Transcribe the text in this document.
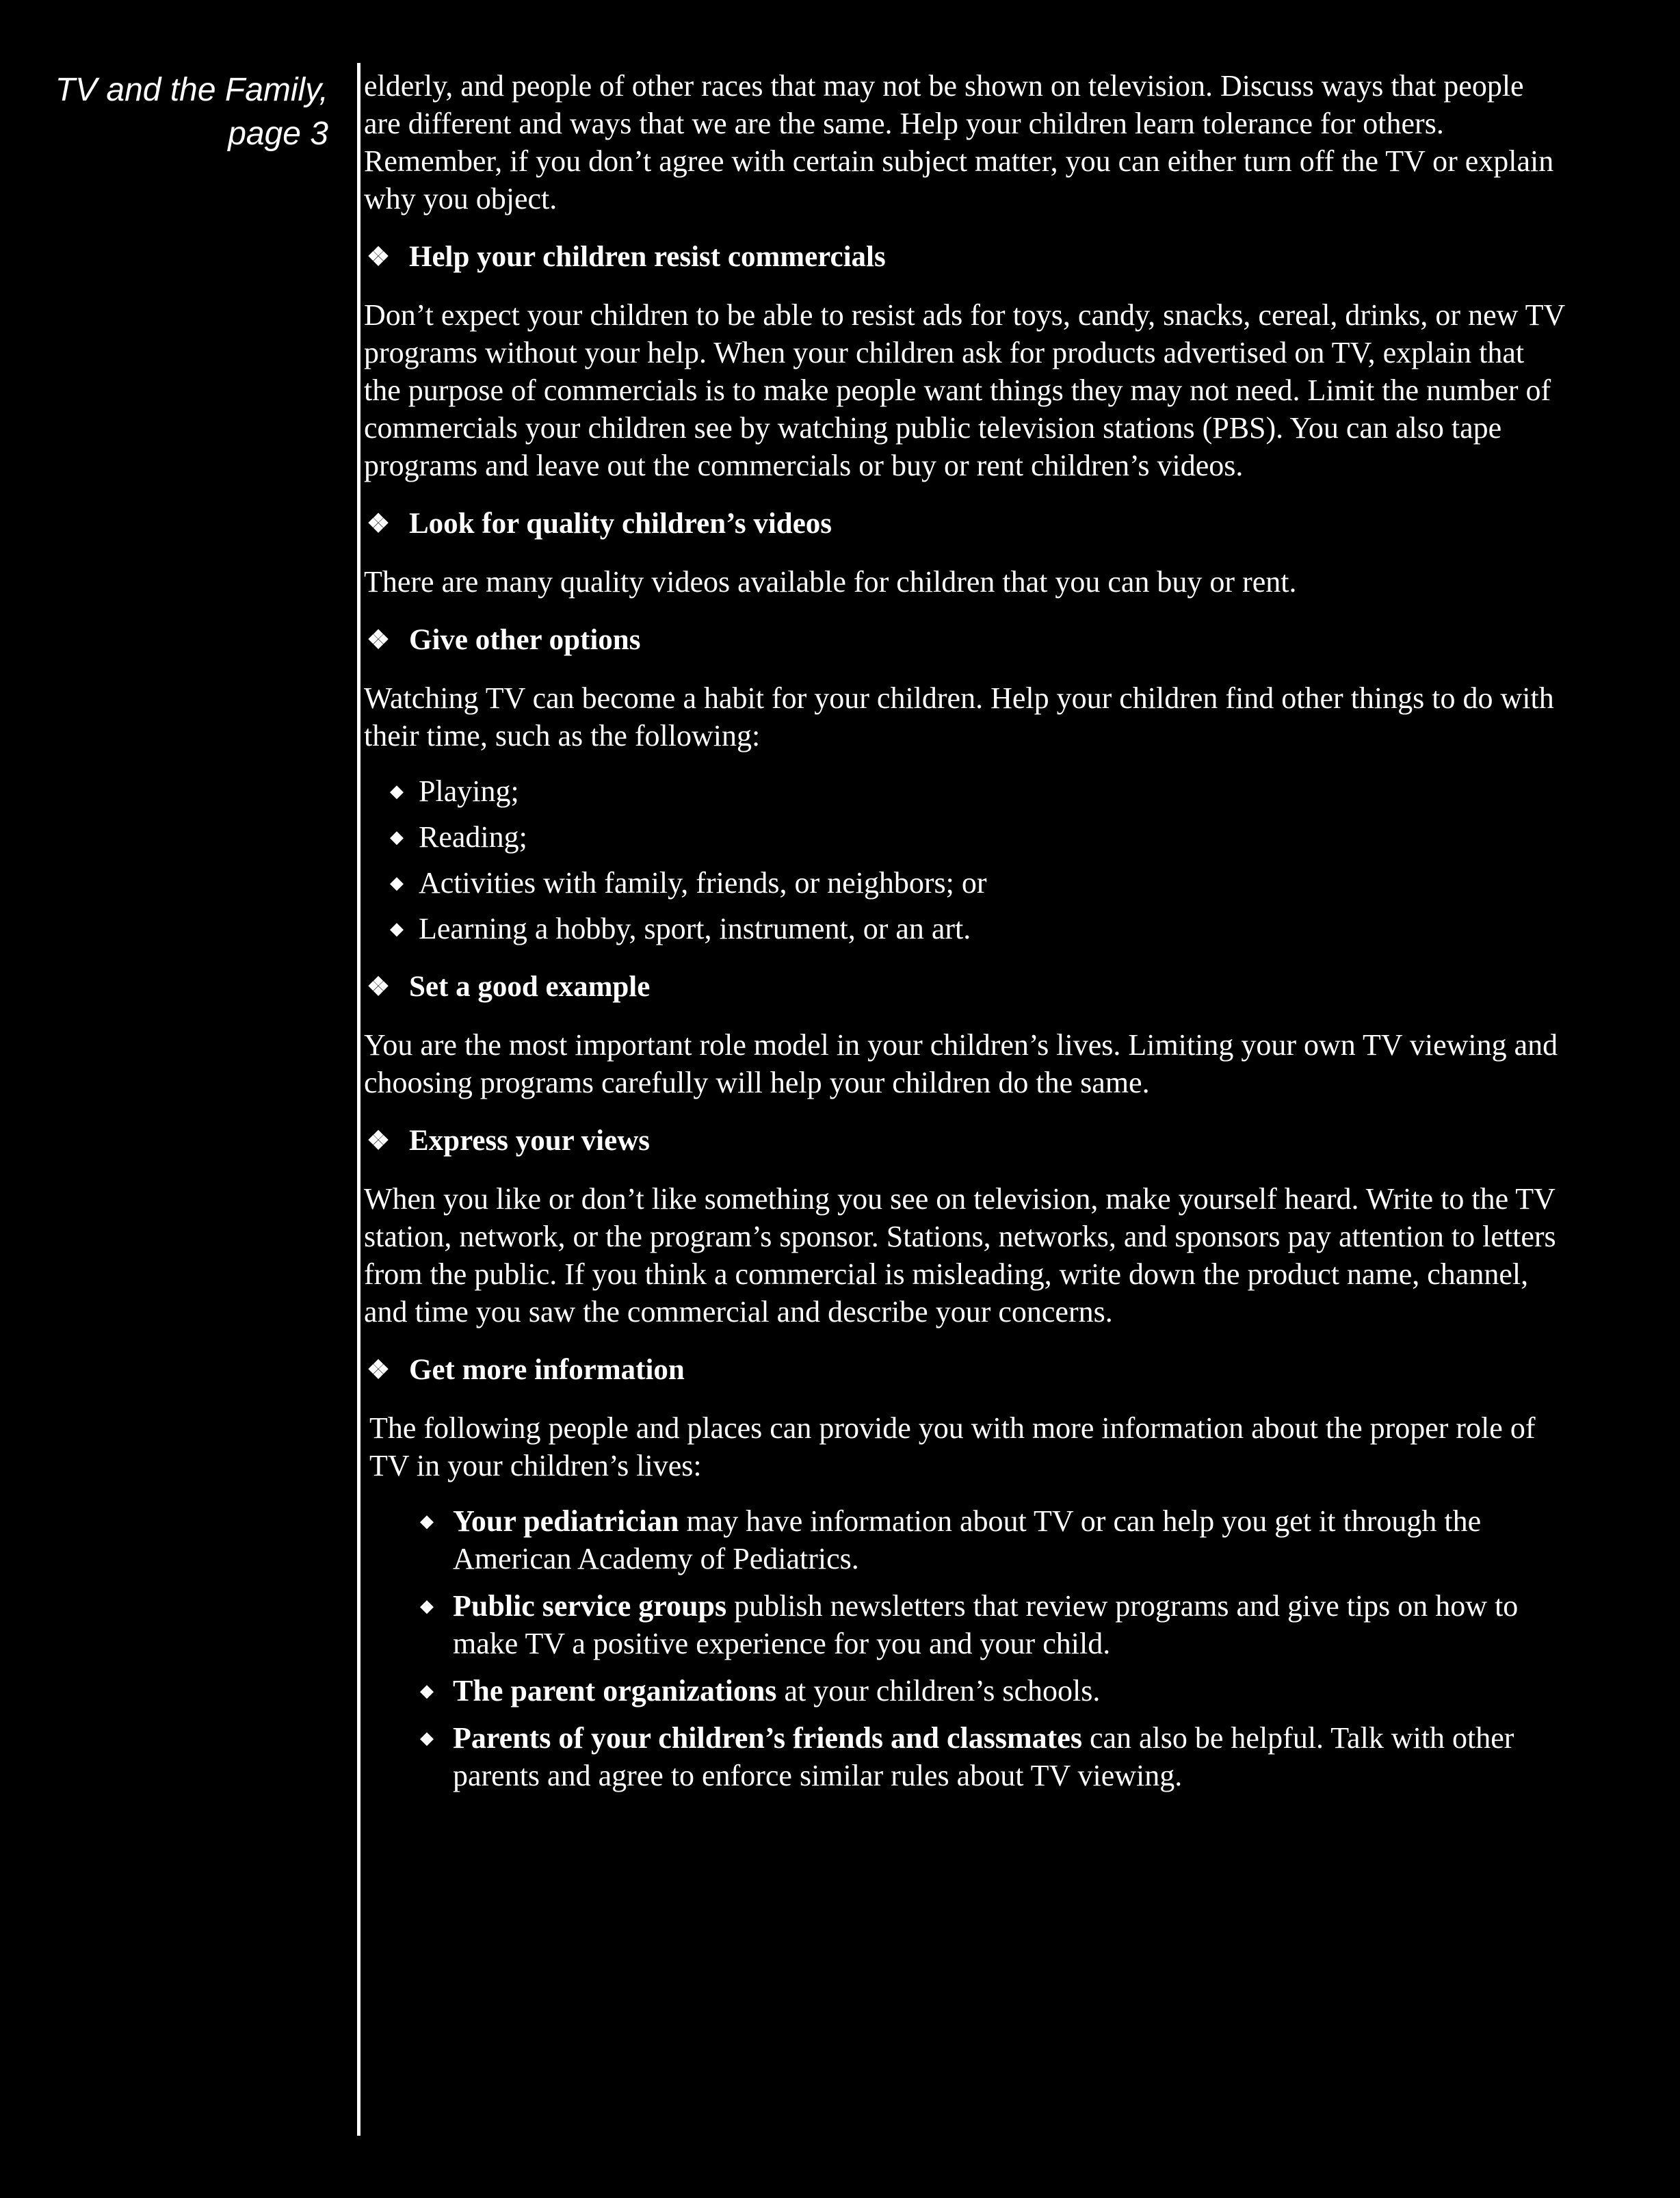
TV and the Family,
page 3

elderly, and people of other races that may not be shown on television. Discuss ways that people are different and ways that we are the same. Help your children learn tolerance for others. Remember, if you don’t agree with certain subject matter, you can either turn off the TV or explain why you object.

❖ Help your children resist commercials

Don’t expect your children to be able to resist ads for toys, candy, snacks, cereal, drinks, or new TV programs without your help. When your children ask for products advertised on TV, explain that the purpose of commercials is to make people want things they may not need. Limit the number of commercials your children see by watching public television stations (PBS). You can also tape programs and leave out the commercials or buy or rent children’s videos.

❖ Look for quality children’s videos

There are many quality videos available for children that you can buy or rent.

❖ Give other options

Watching TV can become a habit for your children. Help your children find other things to do with their time, such as the following:

◆ Playing;
◆ Reading;
◆ Activities with family, friends, or neighbors; or
◆ Learning a hobby, sport, instrument, or an art.
❖ Set a good example

You are the most important role model in your children’s lives. Limiting your own TV viewing and choosing programs carefully will help your children do the same.

❖ Express your views

When you like or don’t like something you see on television, make yourself heard. Write to the TV station, network, or the program’s sponsor. Stations, networks, and sponsors pay attention to letters from the public. If you think a commercial is misleading, write down the product name, channel, and time you saw the commercial and describe your concerns.

❖ Get more information

The following people and places can provide you with more information about the proper role of TV in your children’s lives:

◆ Your pediatrician may have information about TV or can help you get it through the American Academy of Pediatrics.
◆ Public service groups publish newsletters that review programs and give tips on how to make TV a positive experience for you and your child.
◆ The parent organizations at your children’s schools.
◆ Parents of your children’s friends and classmates can also be helpful. Talk with other parents and agree to enforce similar rules about TV viewing.
